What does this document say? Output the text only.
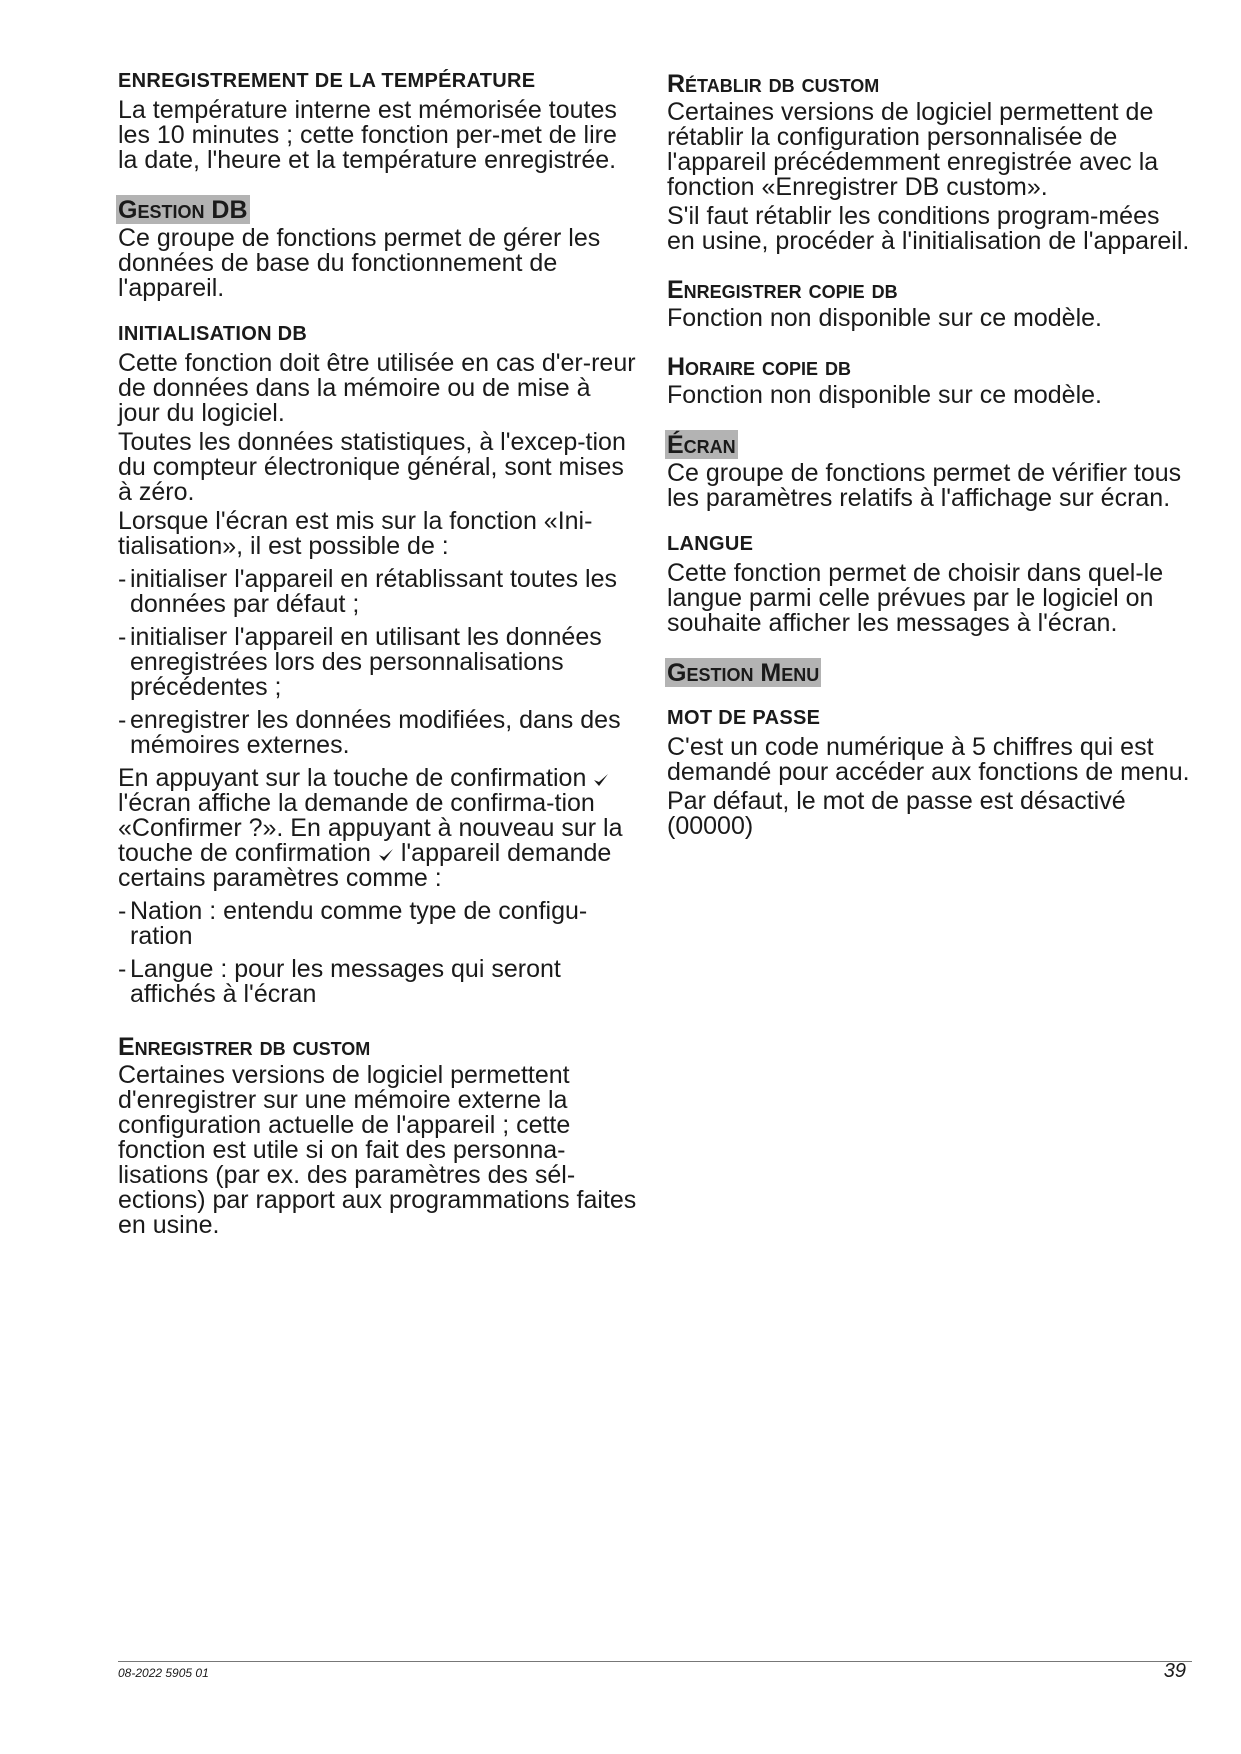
ENREGISTREMENT DE LA TEMPÉRATURE

La température interne est mémorisée toutes les 10 minutes ; cette fonction per-met de lire la date, l'heure et la température enregistrée.

Gestion DB

Ce groupe de fonctions permet de gérer les données de base du fonctionnement de l'appareil.

INITIALISATION DB

Cette fonction doit être utilisée en cas d'er-reur de données dans la mémoire ou de mise à jour du logiciel.

Toutes les données statistiques, à l'excep-tion du compteur électronique général, sont mises à zéro.

Lorsque l'écran est mis sur la fonction «Ini-tialisation», il est possible de :

- initialiser l'appareil en rétablissant toutes les données par défaut ;
- initialiser l'appareil en utilisant les données enregistrées lors des personnalisations précédentes ;
- enregistrer les données modifiées, dans des mémoires externes.

En appuyant sur la touche de confirmation  l'écran affiche la demande de confirma-tion «Confirmer ?». En appuyant à nouveau sur la touche de confirmation l'appareil demande certains paramètres comme :

- Nation : entendu comme type de configu-ration
- Langue : pour les messages qui seront affichés à l'écran
Enregistrer db custom

Certaines versions de logiciel permettent d'enregistrer sur une mémoire externe la configuration actuelle de l'appareil ; cette fonction est utile si on fait des personna-lisations (par ex. des paramètres des sél-ections) par rapport aux programmations faites en usine.

Rétablir db custom

Certaines versions de logiciel permettent de rétablir la configuration personnalisée de l'appareil précédemment enregistrée avec la fonction «Enregistrer DB custom».

S'il faut rétablir les conditions program-mées en usine, procéder à l'initialisation de l'appareil.

Enregistrer copie db

Fonction non disponible sur ce modèle.

Horaire copie db

Fonction non disponible sur ce modèle.

Écran

Ce groupe de fonctions permet de vérifier tous les paramètres relatifs à l'affichage sur écran.

LANGUE

Cette fonction permet de choisir dans quel-le langue parmi celle prévues par le logiciel on souhaite afficher les messages à l'écran.

Gestion Menu
MOT DE PASSE

C'est un code numérique à 5 chiffres qui est demandé pour accéder aux fonctions de menu.

Par défaut, le mot de passe est désactivé (00000)

08-2022 5905 01	39
